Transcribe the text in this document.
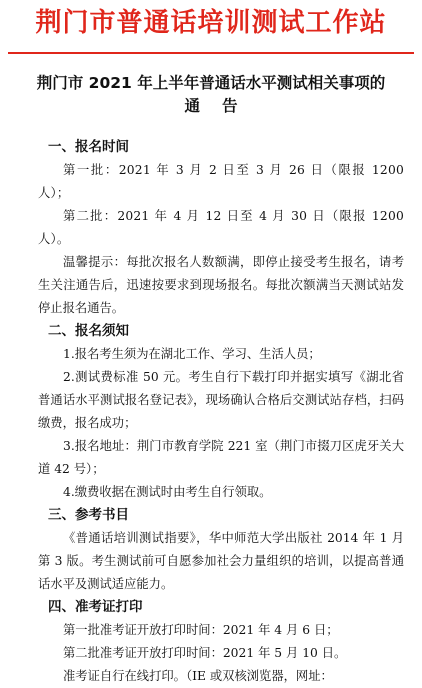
荆门市普通话培训测试工作站
荆门市 2021 年上半年普通话水平测试相关事项的
通告
一、报名时间
第一批：2021 年 3 月 2 日至 3 月 26 日（限报 1200 人）；
第二批：2021 年 4 月 12 日至 4 月 30 日（限报 1200 人）。
温馨提示：每批次报名人数额满，即停止接受考生报名，请考生关注通告后，迅速按要求到现场报名。每批次额满当天测试站发停止报名通告。
二、报名须知
1.报名考生须为在湖北工作、学习、生活人员；
2.测试费标准 50 元。考生自行下载打印并据实填写《湖北省普通话水平测试报名登记表》，现场确认合格后交测试站存档，扫码缴费，报名成功；
3.报名地址：荆门市教育学院 221 室（荆门市掇刀区虎牙关大道 42 号）；
4.缴费收据在测试时由考生自行领取。
三、参考书目
《普通话培训测试指要》，华中师范大学出版社 2014 年 1 月第 3 版。考生测试前可自愿参加社会力量组织的培训，以提高普通话水平及测试适应能力。
四、准考证打印
第一批准考证开放打印时间：2021 年 4 月 6 日；
第二批准考证开放打印时间：2021 年 5 月 10 日。
准考证自行在线打印。（IE 或双核浏览器，网址：
